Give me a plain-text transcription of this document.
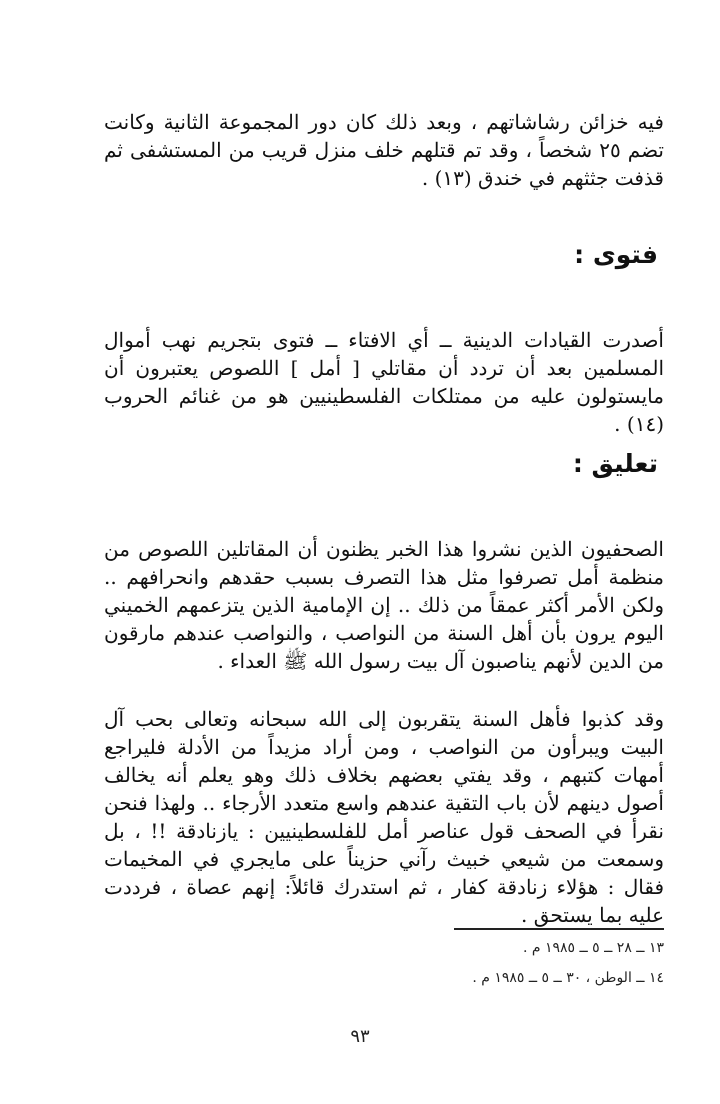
فيه خزائن رشاشاتهم ، وبعد ذلك كان دور المجموعة الثانية وكانت تضم ٢٥ شخصاً ، وقد تم قتلهم خلف منزل قريب من المستشفى ثم قذفت جثثهم في خندق (١٣) .

فتوى :

أصدرت القيادات الدينية ــ أي الافتاء ــ فتوى بتجريم نهب أموال المسلمين بعد أن تردد أن مقاتلي [ أمل ] اللصوص يعتبرون أن مايستولون عليه من ممتلكات الفلسطينيين هو من غنائم الحروب (١٤) .

تعليق :

الصحفيون الذين نشروا هذا الخبر يظنون أن المقاتلين اللصوص من منظمة أمل تصرفوا مثل هذا التصرف بسبب حقدهم وانحرافهم .. ولكن الأمر أكثر عمقاً من ذلك .. إن الإمامية الذين يتزعمهم الخميني اليوم يرون بأن أهل السنة من النواصب ، والنواصب عندهم مارقون من الدين لأنهم يناصبون آل بيت رسول الله ﷺ العداء .

وقد كذبوا فأهل السنة يتقربون إلى الله سبحانه وتعالى بحب آل البيت ويبرأون من النواصب ، ومن أراد مزيداً من الأدلة فليراجع أمهات كتبهم ، وقد يفتي بعضهم بخلاف ذلك وهو يعلم أنه يخالف أصول دينهم لأن باب التقية عندهم واسع متعدد الأرجاء .. ولهذا فنحن نقرأ في الصحف قول عناصر أمل للفلسطينيين : يازنادقة !! ، بل وسمعت من شيعي خبيث رآني حزيناً على مايجري في المخيمات فقال : هؤلاء زنادقة كفار ، ثم استدرك قائلاً: إنهم عصاة ، فرددت عليه بما يستحق .

١٣ ــ ٢٨ ــ ٥ ــ ١٩٨٥ م .

١٤ ــ الوطن ، ٣٠ ــ ٥ ــ ١٩٨٥ م .

٩٣
